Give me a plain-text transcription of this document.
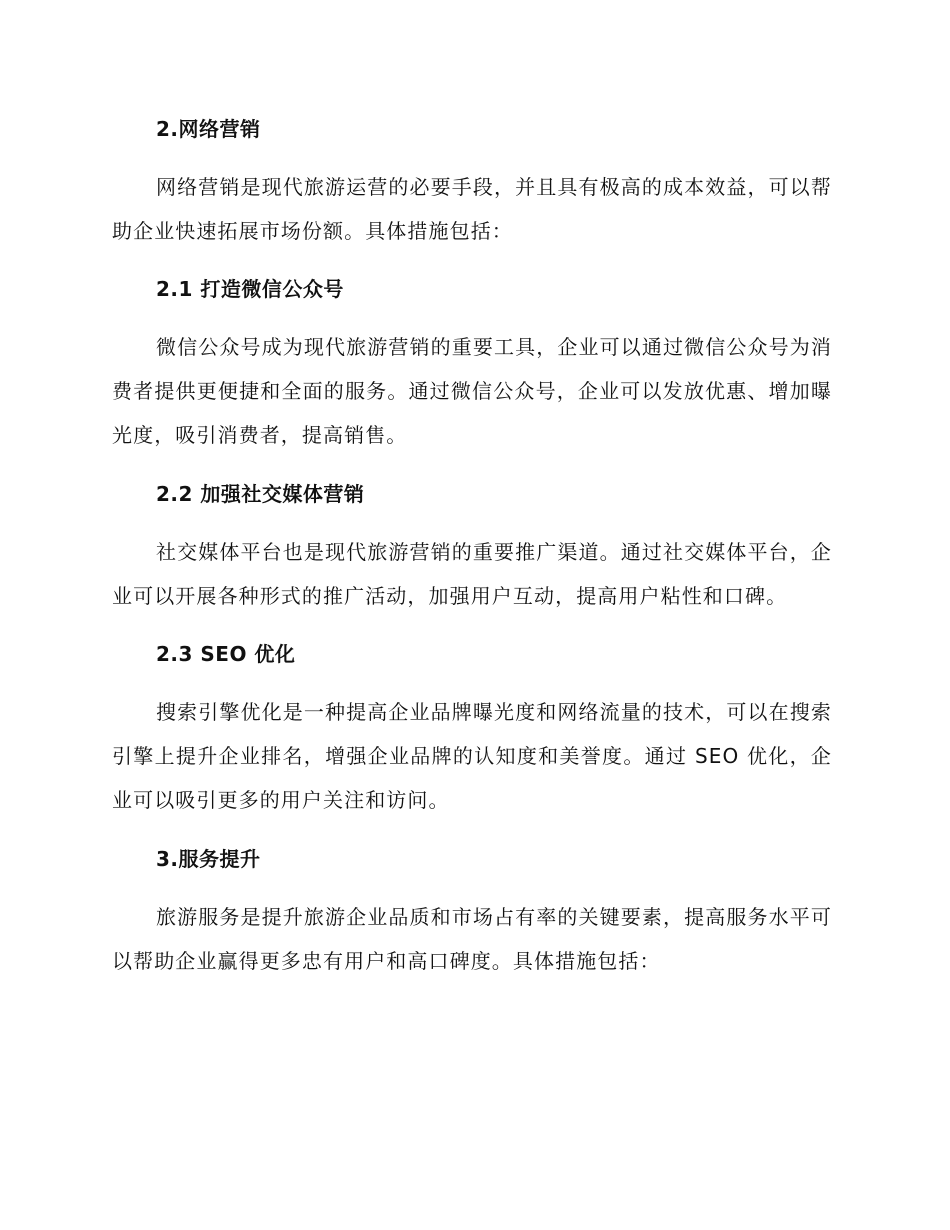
2.网络营销
网络营销是现代旅游运营的必要手段，并且具有极高的成本效益，可以帮助企业快速拓展市场份额。具体措施包括：
2.1 打造微信公众号
微信公众号成为现代旅游营销的重要工具，企业可以通过微信公众号为消费者提供更便捷和全面的服务。通过微信公众号，企业可以发放优惠、增加曝光度，吸引消费者，提高销售。
2.2 加强社交媒体营销
社交媒体平台也是现代旅游营销的重要推广渠道。通过社交媒体平台，企业可以开展各种形式的推广活动，加强用户互动，提高用户粘性和口碑。
2.3 SEO 优化
搜索引擎优化是一种提高企业品牌曝光度和网络流量的技术，可以在搜索引擎上提升企业排名，增强企业品牌的认知度和美誉度。通过 SEO 优化，企业可以吸引更多的用户关注和访问。
3.服务提升
旅游服务是提升旅游企业品质和市场占有率的关键要素，提高服务水平可以帮助企业赢得更多忠有用户和高口碑度。具体措施包括：
